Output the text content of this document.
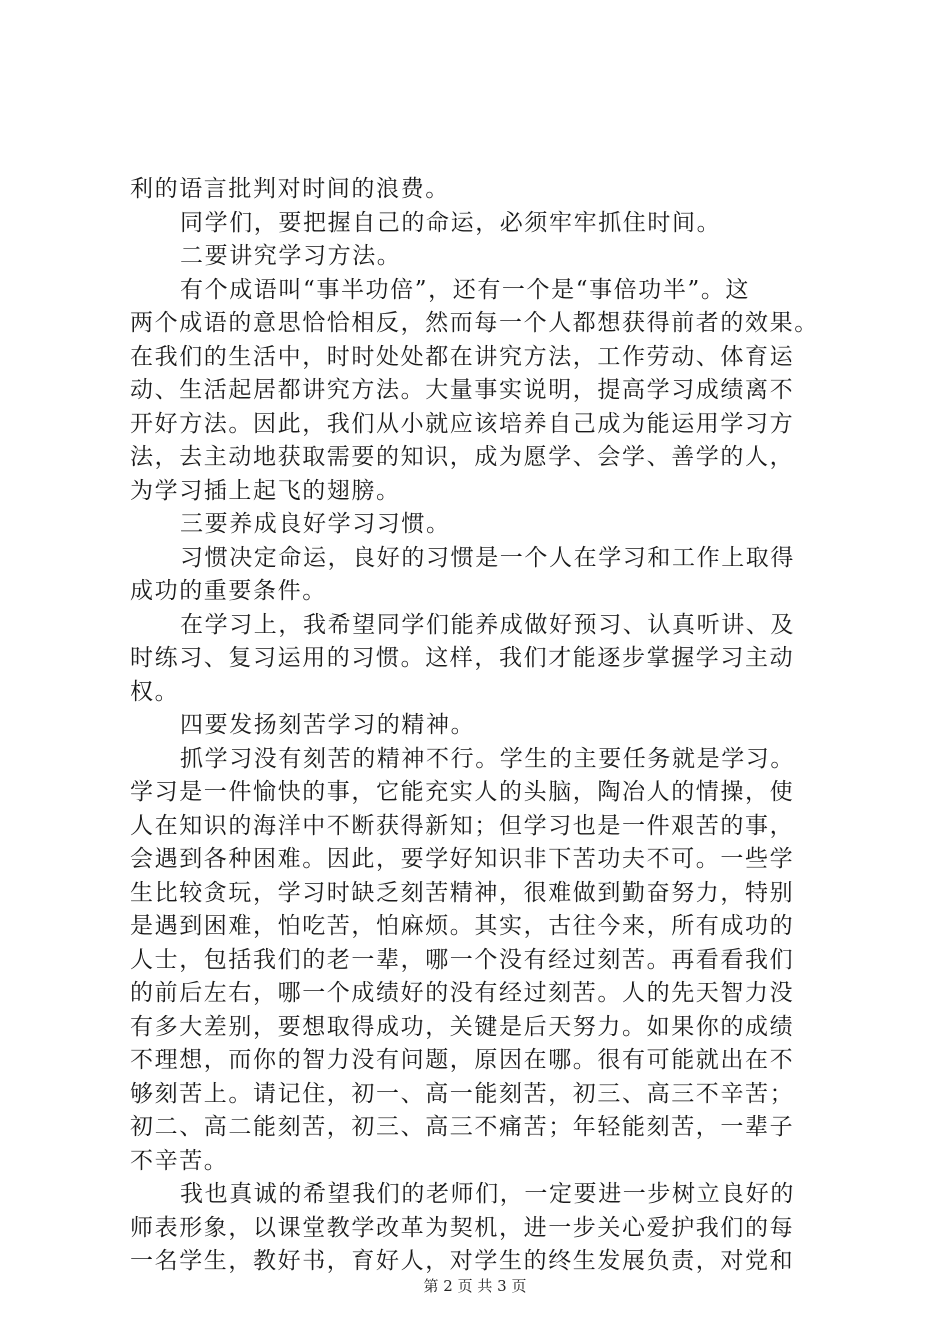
利的语言批判对时间的浪费。
同学们，要把握自己的命运，必须牢牢抓住时间。
二要讲究学习方法。
有个成语叫“事半功倍”，还有一个是“事倍功半”。这
两个成语的意思恰恰相反，然而每一个人都想获得前者的效果。
在我们的生活中，时时处处都在讲究方法，工作劳动、体育运
动、生活起居都讲究方法。大量事实说明，提高学习成绩离不
开好方法。因此，我们从小就应该培养自己成为能运用学习方
法，去主动地获取需要的知识，成为愿学、会学、善学的人，
为学习插上起飞的翅膀。
三要养成良好学习习惯。
习惯决定命运，良好的习惯是一个人在学习和工作上取得
成功的重要条件。
在学习上，我希望同学们能养成做好预习、认真听讲、及
时练习、复习运用的习惯。这样，我们才能逐步掌握学习主动
权。
四要发扬刻苦学习的精神。
抓学习没有刻苦的精神不行。学生的主要任务就是学习。
学习是一件愉快的事，它能充实人的头脑，陶冶人的情操，使
人在知识的海洋中不断获得新知；但学习也是一件艰苦的事，
会遇到各种困难。因此，要学好知识非下苦功夫不可。一些学
生比较贪玩，学习时缺乏刻苦精神，很难做到勤奋努力，特别
是遇到困难，怕吃苦，怕麻烦。其实，古往今来，所有成功的
人士，包括我们的老一辈，哪一个没有经过刻苦。再看看我们
的前后左右，哪一个成绩好的没有经过刻苦。人的先天智力没
有多大差别，要想取得成功，关键是后天努力。如果你的成绩
不理想，而你的智力没有问题，原因在哪。很有可能就出在不
够刻苦上。请记住，初一、高一能刻苦，初三、高三不辛苦；
初二、高二能刻苦，初三、高三不痛苦；年轻能刻苦，一辈子
不辛苦。
我也真诚的希望我们的老师们，一定要进一步树立良好的
师表形象，以课堂教学改革为契机，进一步关心爱护我们的每
一名学生，教好书，育好人，对学生的终生发展负责，对党和
第 2 页 共 3 页
